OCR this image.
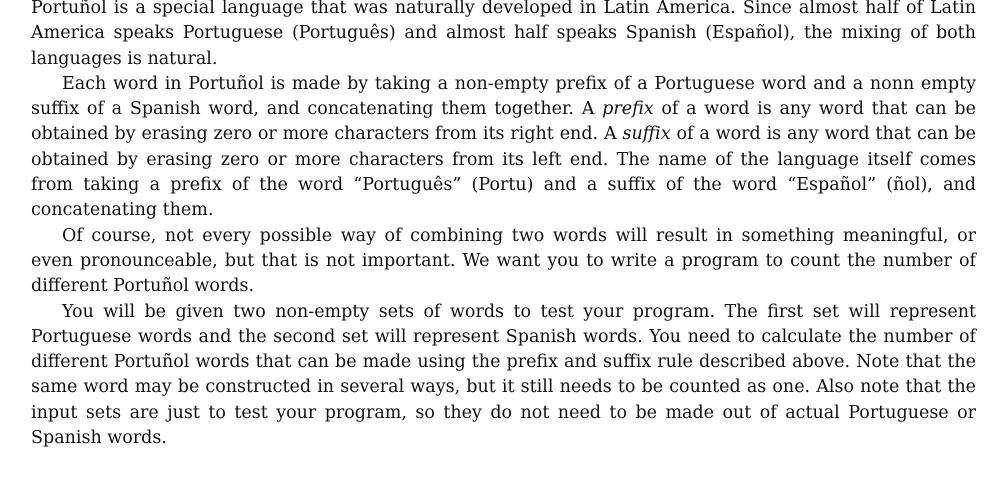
Portuñol is a special language that was naturally developed in Latin America. Since almost half of Latin America speaks Portuguese (Português) and almost half speaks Spanish (Español), the mixing of both languages is natural.

Each word in Portuñol is made by taking a non-empty prefix of a Portuguese word and a nonn empty suffix of a Spanish word, and concatenating them together. A prefix of a word is any word that can be obtained by erasing zero or more characters from its right end. A suffix of a word is any word that can be obtained by erasing zero or more characters from its left end. The name of the language itself comes from taking a prefix of the word “Português” (Portu) and a suffix of the word “Español” (ñol), and concatenating them.

Of course, not every possible way of combining two words will result in something meaningful, or even pronounceable, but that is not important. We want you to write a program to count the number of different Portuñol words.

You will be given two non-empty sets of words to test your program. The first set will represent Portuguese words and the second set will represent Spanish words. You need to calculate the number of different Portuñol words that can be made using the prefix and suffix rule described above. Note that the same word may be constructed in several ways, but it still needs to be counted as one. Also note that the input sets are just to test your program, so they do not need to be made out of actual Portuguese or Spanish words.
